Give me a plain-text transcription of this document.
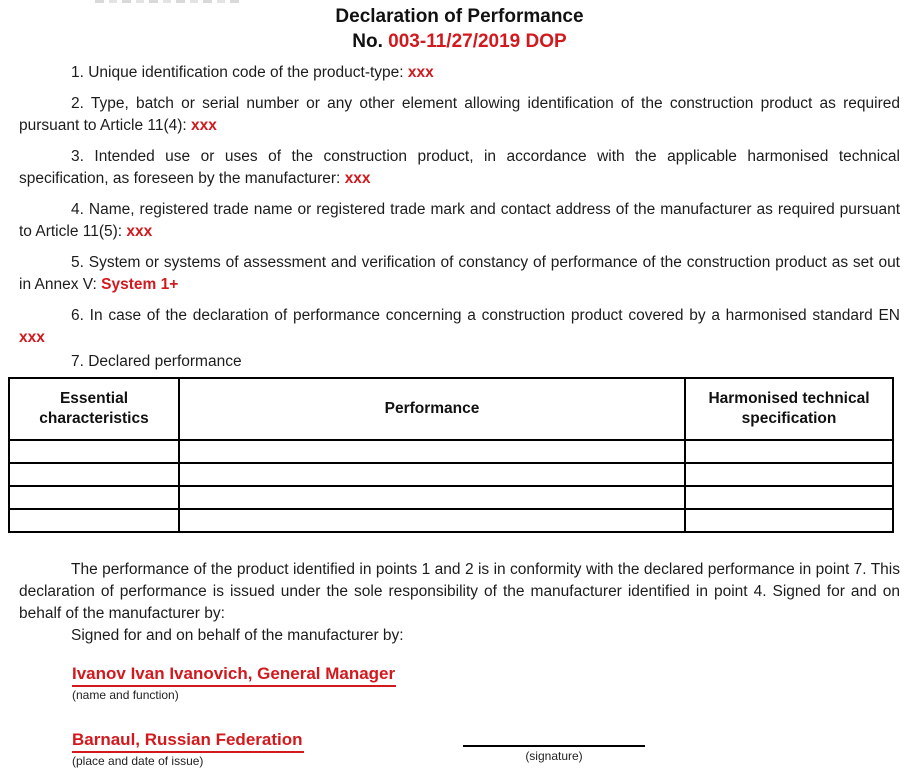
Declaration of Performance
No. 003-11/27/2019 DOP

1. Unique identification code of the product-type: xxx

2. Type, batch or serial number or any other element allowing identification of the construction product as required pursuant to Article 11(4): xxx

3. Intended use or uses of the construction product, in accordance with the applicable harmonised technical specification, as foreseen by the manufacturer: xxx

4. Name, registered trade name or registered trade mark and contact address of the manufacturer as required pursuant to Article 11(5): xxx

5. System or systems of assessment and verification of constancy of performance of the construction product as set out in Annex V: System 1+

6. In case of the declaration of performance concerning a construction product covered by a harmonised standard EN xxx

7. Declared performance

Essential characteristics	Performance	Harmonised technical specification

The performance of the product identified in points 1 and 2 is in conformity with the declared performance in point 7. This declaration of performance is issued under the sole responsibility of the manufacturer identified in point 4. Signed for and on behalf of the manufacturer by:

Signed for and on behalf of the manufacturer by:

Ivanov Ivan Ivanovich, General Manager
(name and function)
Barnaul, Russian Federation
(place and date of issue)	(signature)
